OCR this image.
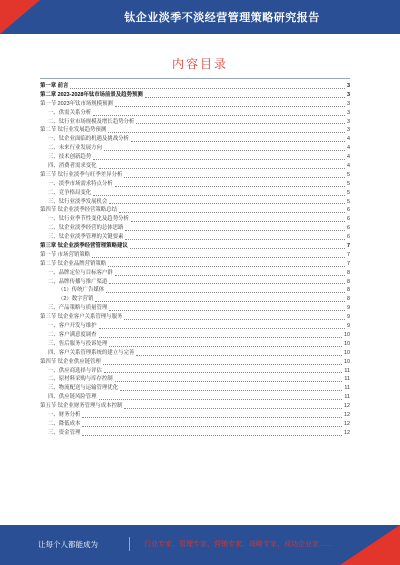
钛企业淡季不淡经营管理策略研究报告
内容目录
第一章 前言	3
第二章 2023-2028年钛市场前景及趋势预测	3
第一节 2023年钛市场规模预测	3
一、供需关系分析	3
二、钛行业市场规模及增长趋势分析	3
第二节 钛行业发展趋势预测	3
一、钛企业面临的机遇及挑战分析	4
二、未来行业发展方向	4
三、技术创新趋势	4
四、消费者需求变化	4
第三节 钛行业淡季与旺季差异分析	5
一、淡季市场需求特点分析	5
二、竞争格局变化	5
三、钛行业淡季发展机会	5
第四节 钛企业淡季经营策略总结	6
一、钛行业季节性变化及趋势分析	6
二、钛企业淡季经营的总体思路	6
三、钛企业淡季管理的关键要素	6
第三章 钛企业淡季经营管理策略建议	7
第一节 市场营销策略	7
第二节 钛企业品牌营销策略	7
一、品牌定位与目标客户群	8
二、品牌传播与推广渠道	8
（1）传统广告媒体	8
（2）数字营销	8
三、产品策略与质量管理	9
第三节 钛企业客户关系管理与服务	9
一、客户开发与维护	9
二、客户满意度调查	10
三、售后服务与投诉处理	10
四、客户关系管理系统的建立与完善	10
第四节 钛企业供应链管理	10
一、供应商选择与评估	11
二、原材料采购与库存控制	11
三、物流配送与运输管理优化	11
四、供应链风险管理	11
第五节 钛企业财务管理与成本控制	12
一、财务分析	12
二、降低成本	12
三、资金管理	12
让每个人都能成为	行业专家、管理专家、营销专家、战略专家、成功企业家……
